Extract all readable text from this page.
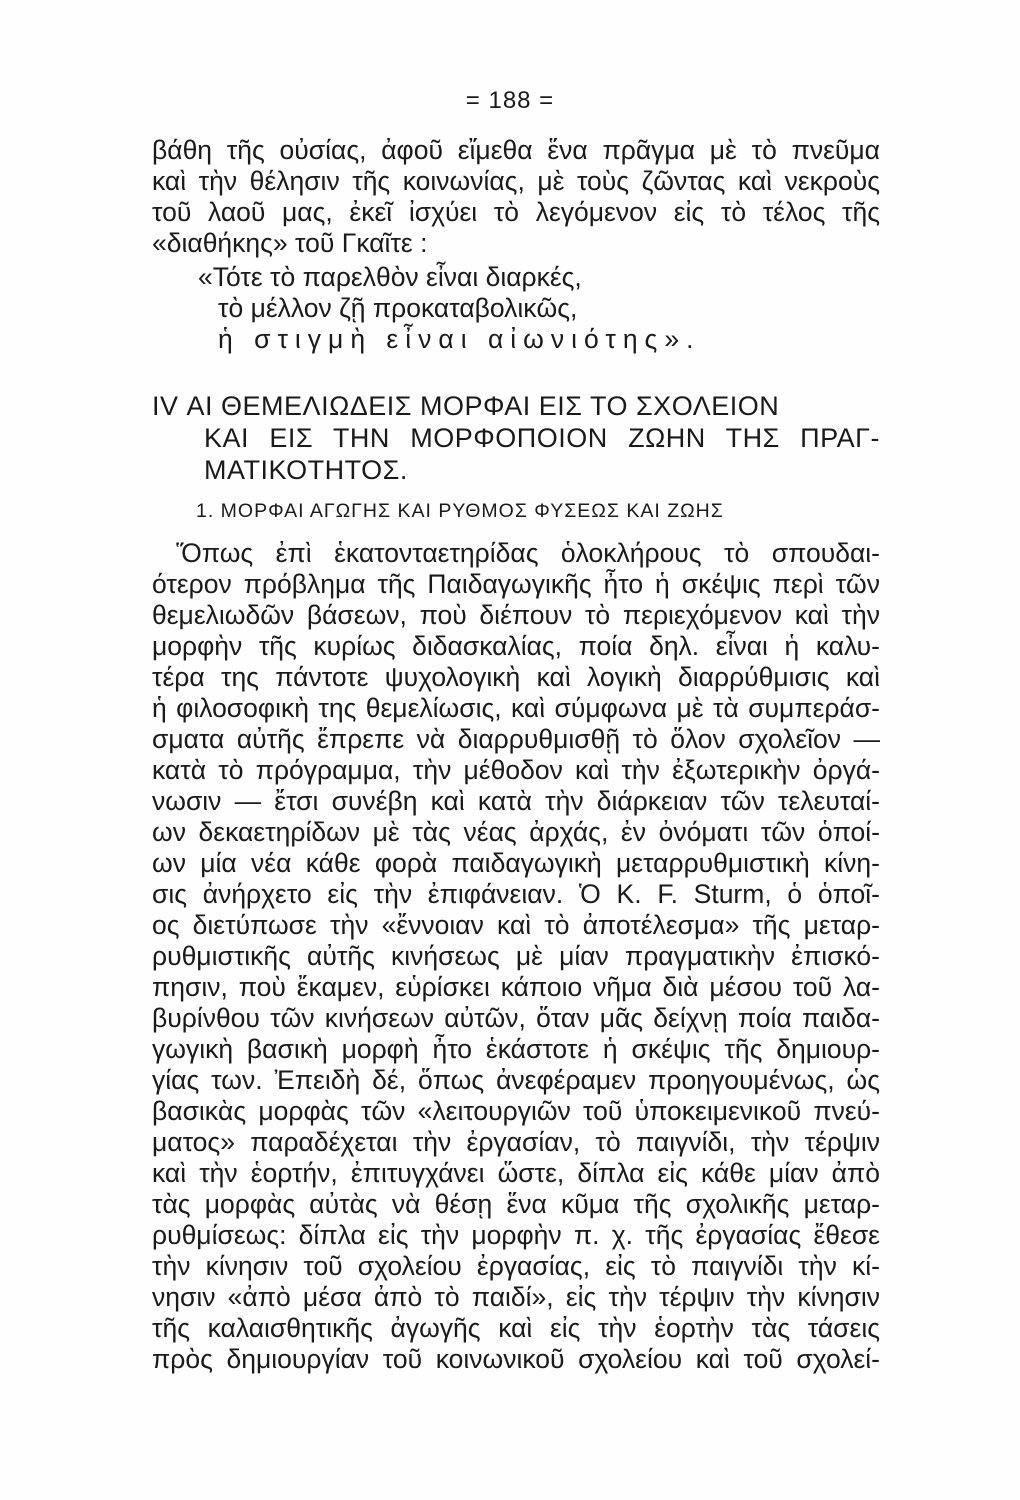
= 188 =
βάθη τῆς οὐσίας, ἀφοῦ εἴμεθα ἕνα πρᾶγμα μὲ τὸ πνεῦμα
καὶ τὴν θέλησιν τῆς κοινωνίας, μὲ τοὺς ζῶντας καὶ νεκροὺς
τοῦ λαοῦ μας, ἐκεῖ ἰσχύει τὸ λεγόμενον εἰς τὸ τέλος τῆς
«διαθήκης» τοῦ Γκαῖτε :
«Τότε τὸ παρελθὸν εἶναι διαρκές,
τὸ μέλλον ζῇ προκαταβολικῶς,
ἡ στιγμὴ εἶναι αἰωνιότης».
IV ΑΙ ΘΕΜΕΛΙΩΔΕΙΣ ΜΟΡΦΑΙ ΕΙΣ ΤΟ ΣΧΟΛΕΙΟΝ
ΚΑΙ ΕΙΣ ΤΗΝ ΜΟΡΦΟΠΟΙΟΝ ΖΩΗΝ ΤΗΣ ΠΡΑΓ-
ΜΑΤΙΚΟΤΗΤΟΣ.
1. ΜΟΡΦΑΙ ΑΓΩΓΗΣ ΚΑΙ ΡΥΘΜΟΣ ΦΥΣΕΩΣ ΚΑΙ ΖΩΗΣ
Ὅπως ἐπὶ ἑκατονταετηρίδας ὁλοκλήρους τὸ σπουδαι-
ότερον πρόβλημα τῆς Παιδαγωγικῆς ἦτο ἡ σκέψις περὶ τῶν
θεμελιωδῶν βάσεων, ποὺ διέπουν τὸ περιεχόμενον καὶ τὴν
μορφὴν τῆς κυρίως διδασκαλίας, ποία δηλ. εἶναι ἡ καλυ-
τέρα της πάντοτε ψυχολογικὴ καὶ λογικὴ διαρρύθμισις καὶ
ἡ φιλοσοφικὴ της θεμελίωσις, καὶ σύμφωνα μὲ τὰ συμπεράσ-
σματα αὐτῆς ἔπρεπε νὰ διαρρυθμισθῇ τὸ ὅλον σχολεῖον —
κατὰ τὸ πρόγραμμα, τὴν μέθοδον καὶ τὴν ἐξωτερικὴν ὀργά-
νωσιν — ἔτσι συνέβη καὶ κατὰ τὴν διάρκειαν τῶν τελευταί-
ων δεκαετηρίδων μὲ τὰς νέας ἀρχάς, ἐν ὀνόματι τῶν ὁποί-
ων μία νέα κάθε φορὰ παιδαγωγικὴ μεταρρυθμιστικὴ κίνη-
σις ἀνήρχετο εἰς τὴν ἐπιφάνειαν. Ὁ K. F. Sturm, ὁ ὁποῖ-
ος διετύπωσε τὴν «ἔννοιαν καὶ τὸ ἀποτέλεσμα» τῆς μεταρ-
ρυθμιστικῆς αὐτῆς κινήσεως μὲ μίαν πραγματικὴν ἐπισκό-
πησιν, ποὺ ἔκαμεν, εὑρίσκει κάποιο νῆμα διὰ μέσου τοῦ λα-
βυρίνθου τῶν κινήσεων αὐτῶν, ὅταν μᾶς δείχνῃ ποία παιδα-
γωγικὴ βασικὴ μορφὴ ἦτο ἑκάστοτε ἡ σκέψις τῆς δημιουρ-
γίας των. Ἐπειδὴ δέ, ὅπως ἀνεφέραμεν προηγουμένως, ὡς
βασικὰς μορφὰς τῶν «λειτουργιῶν τοῦ ὑποκειμενικοῦ πνεύ-
ματος» παραδέχεται τὴν ἐργασίαν, τὸ παιγνίδι, τὴν τέρψιν
καὶ τὴν ἑορτήν, ἐπιτυγχάνει ὥστε, δίπλα εἰς κάθε μίαν ἀπὸ
τὰς μορφὰς αὐτὰς νὰ θέσῃ ἕνα κῦμα τῆς σχολικῆς μεταρ-
ρυθμίσεως: δίπλα εἰς τὴν μορφὴν π. χ. τῆς ἐργασίας ἔθεσε
τὴν κίνησιν τοῦ σχολείου ἐργασίας, εἰς τὸ παιγνίδι τὴν κί-
νησιν «ἀπὸ μέσα ἀπὸ τὸ παιδί», εἰς τὴν τέρψιν τὴν κίνησιν
τῆς καλαισθητικῆς ἀγωγῆς καὶ εἰς τὴν ἑορτὴν τὰς τάσεις
πρὸς δημιουργίαν τοῦ κοινωνικοῦ σχολείου καὶ τοῦ σχολεί-
